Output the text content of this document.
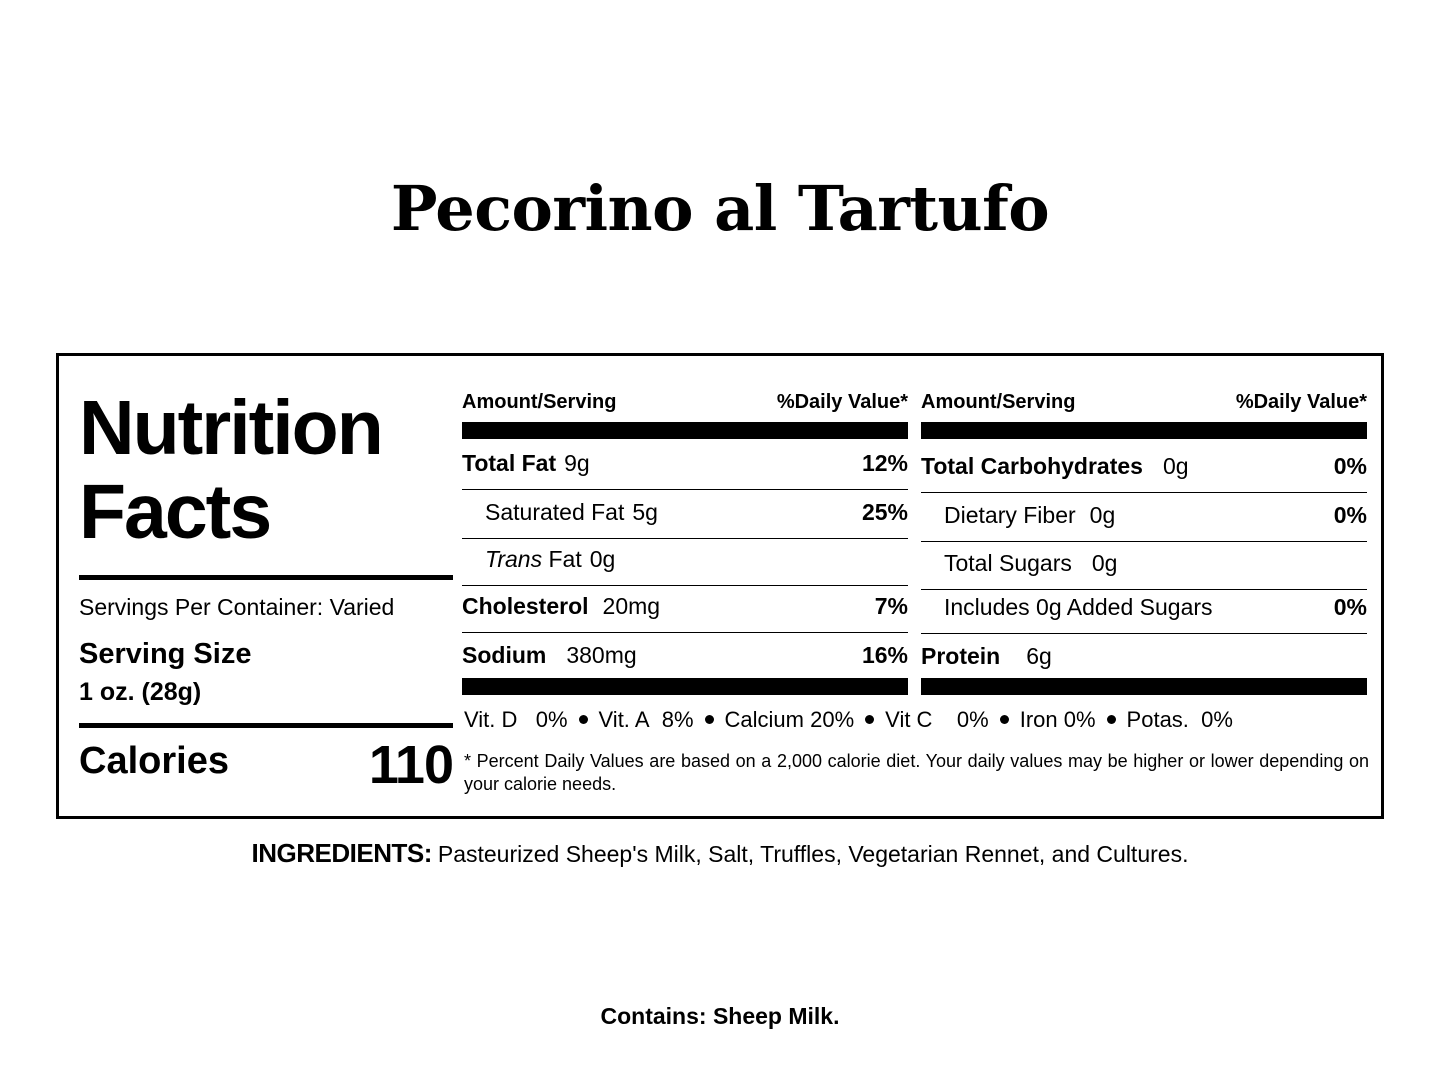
Pecorino al Tartufo
Nutrition
Facts
Servings Per Container: Varied
Serving Size
1 oz. (28g)
Calories	110
Amount/Serving	%Daily Value*
Total Fat 9g	12%
Saturated Fat 5g	25%
Trans Fat 0g
Cholesterol 20mg	7%
Sodium 380mg	16%
Amount/Serving	%Daily Value*
Total Carbohydrates 0g	0%
Dietary Fiber 0g	0%
Total Sugars 0g
Includes 0g Added Sugars	0%
Protein 6g
Vit. D 0% Vit. A 8% Calcium 20% Vit C 0% Iron 0% Potas. 0%
* Percent Daily Values are based on a 2,000 calorie diet. Your daily values may be higher or lower depending on your calorie needs.
INGREDIENTS: Pasteurized Sheep's Milk, Salt, Truffles, Vegetarian Rennet, and Cultures.
Contains: Sheep Milk.
